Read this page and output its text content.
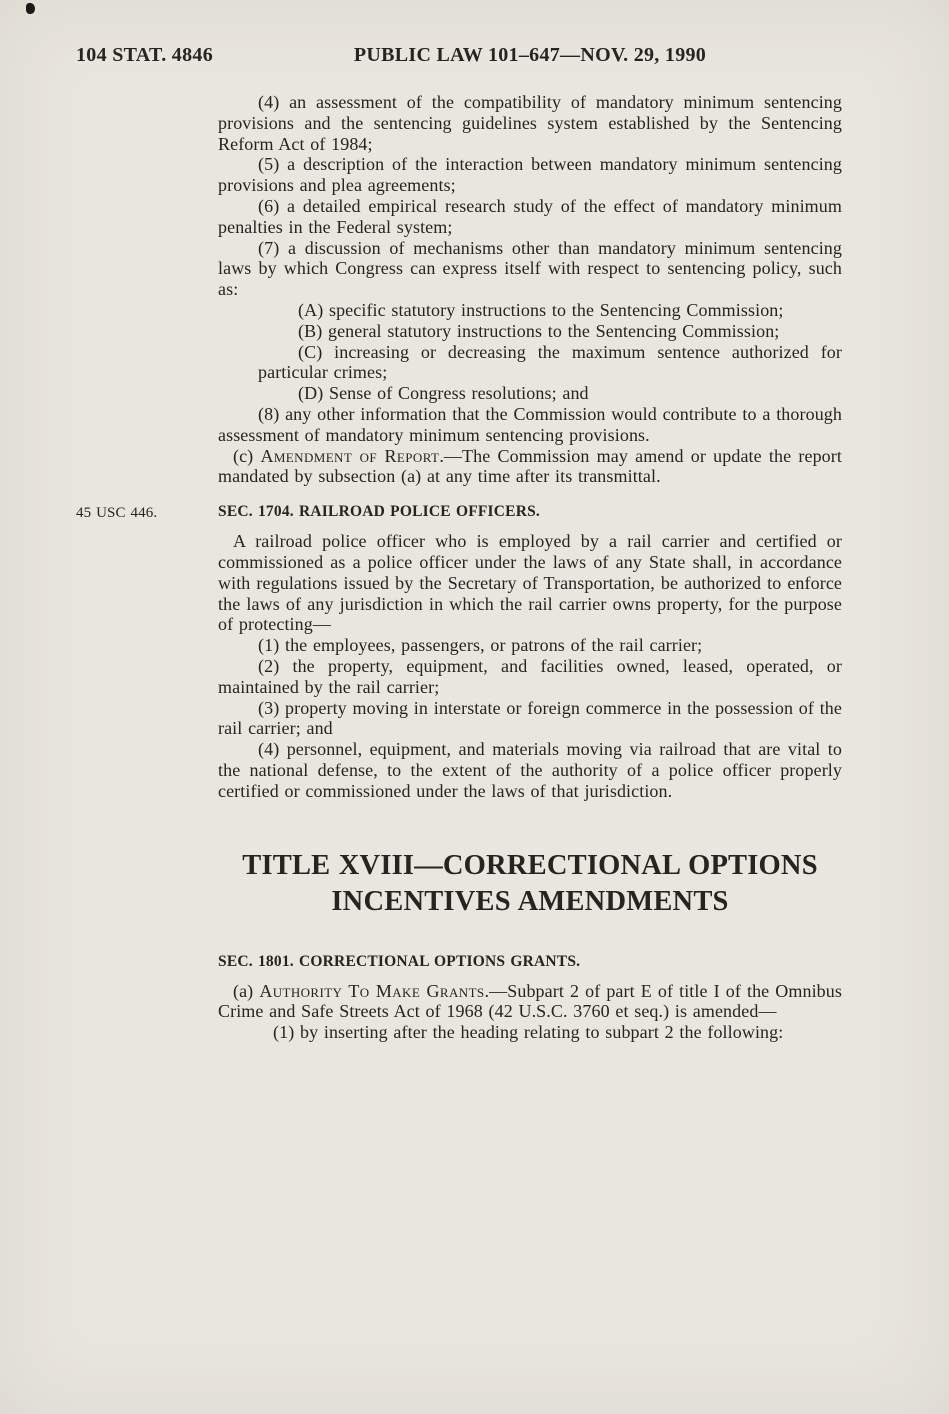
104 STAT. 4846	PUBLIC LAW 101–647—NOV. 29, 1990

(4) an assessment of the compatibility of mandatory minimum sentencing provisions and the sentencing guidelines system established by the Sentencing Reform Act of 1984;

(5) a description of the interaction between mandatory minimum sentencing provisions and plea agreements;

(6) a detailed empirical research study of the effect of mandatory minimum penalties in the Federal system;

(7) a discussion of mechanisms other than mandatory minimum sentencing laws by which Congress can express itself with respect to sentencing policy, such as:

(A) specific statutory instructions to the Sentencing Commission;

(B) general statutory instructions to the Sentencing Commission;

(C) increasing or decreasing the maximum sentence authorized for particular crimes;

(D) Sense of Congress resolutions; and

(8) any other information that the Commission would contribute to a thorough assessment of mandatory minimum sentencing provisions.

(c) Amendment of Report.—The Commission may amend or update the report mandated by subsection (a) at any time after its transmittal.

SEC. 1704. RAILROAD POLICE OFFICERS.
45 USC 446.

A railroad police officer who is employed by a rail carrier and certified or commissioned as a police officer under the laws of any State shall, in accordance with regulations issued by the Secretary of Transportation, be authorized to enforce the laws of any jurisdiction in which the rail carrier owns property, for the purpose of protecting—

(1) the employees, passengers, or patrons of the rail carrier;

(2) the property, equipment, and facilities owned, leased, operated, or maintained by the rail carrier;

(3) property moving in interstate or foreign commerce in the possession of the rail carrier; and

(4) personnel, equipment, and materials moving via railroad that are vital to the national defense, to the extent of the authority of a police officer properly certified or commissioned under the laws of that jurisdiction.

TITLE XVIII—CORRECTIONAL OPTIONS
INCENTIVES AMENDMENTS

SEC. 1801. CORRECTIONAL OPTIONS GRANTS.

(a) Authority To Make Grants.—Subpart 2 of part E of title I of the Omnibus Crime and Safe Streets Act of 1968 (42 U.S.C. 3760 et seq.) is amended—

(1) by inserting after the heading relating to subpart 2 the following:
